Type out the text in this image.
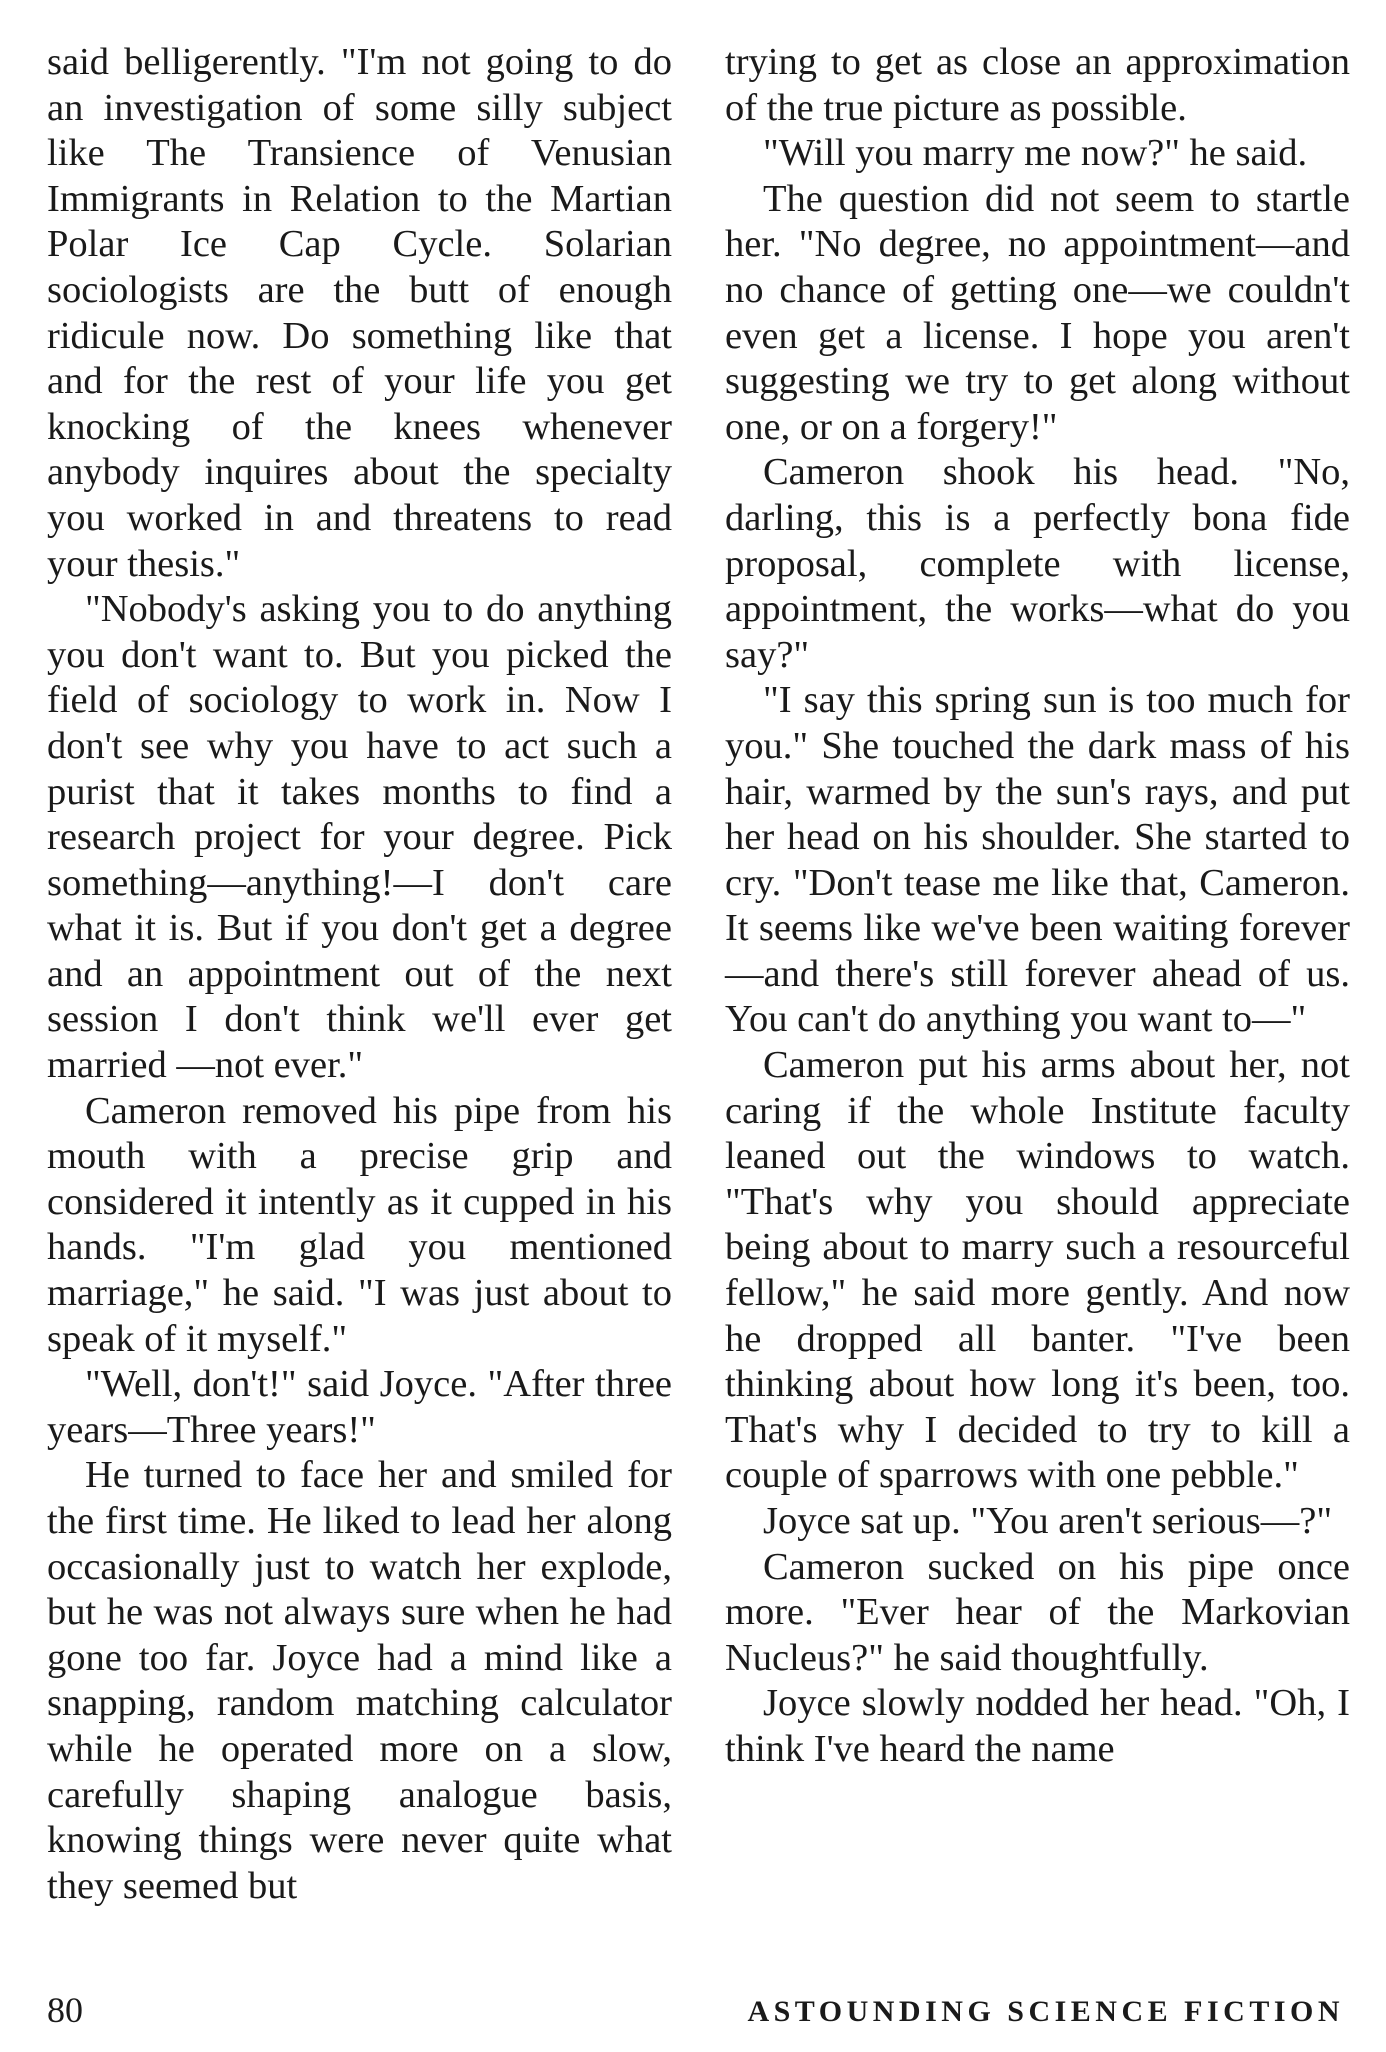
said belligerently. "I'm not going to do an investigation of some silly subject like The Transience of Venusian Immigrants in Relation to the Martian Polar Ice Cap Cycle. Solarian sociologists are the butt of enough ridicule now. Do something like that and for the rest of your life you get knocking of the knees whenever anybody inquires about the specialty you worked in and threatens to read your thesis."

"Nobody's asking you to do anything you don't want to. But you picked the field of sociology to work in. Now I don't see why you have to act such a purist that it takes months to find a research project for your degree. Pick something—anything!—I don't care what it is. But if you don't get a degree and an appointment out of the next session I don't think we'll ever get married —not ever."

Cameron removed his pipe from his mouth with a precise grip and considered it intently as it cupped in his hands. "I'm glad you mentioned marriage," he said. "I was just about to speak of it myself."

"Well, don't!" said Joyce. "After three years—Three years!"

He turned to face her and smiled for the first time. He liked to lead her along occasionally just to watch her explode, but he was not always sure when he had gone too far. Joyce had a mind like a snapping, random matching calculator while he operated more on a slow, carefully shaping analogue basis, knowing things were never quite what they seemed but

trying to get as close an approximation of the true picture as possible.

"Will you marry me now?" he said.

The question did not seem to startle her. "No degree, no appointment—and no chance of getting one—we couldn't even get a license. I hope you aren't suggesting we try to get along without one, or on a forgery!"

Cameron shook his head. "No, darling, this is a perfectly bona fide proposal, complete with license, appointment, the works—what do you say?"

"I say this spring sun is too much for you." She touched the dark mass of his hair, warmed by the sun's rays, and put her head on his shoulder. She started to cry. "Don't tease me like that, Cameron. It seems like we've been waiting forever—and there's still forever ahead of us. You can't do anything you want to—"

Cameron put his arms about her, not caring if the whole Institute faculty leaned out the windows to watch. "That's why you should appreciate being about to marry such a resourceful fellow," he said more gently. And now he dropped all banter. "I've been thinking about how long it's been, too. That's why I decided to try to kill a couple of sparrows with one pebble."

Joyce sat up. "You aren't serious—?"

Cameron sucked on his pipe once more. "Ever hear of the Markovian Nucleus?" he said thoughtfully.

Joyce slowly nodded her head. "Oh, I think I've heard the name

80	ASTOUNDING SCIENCE FICTION
